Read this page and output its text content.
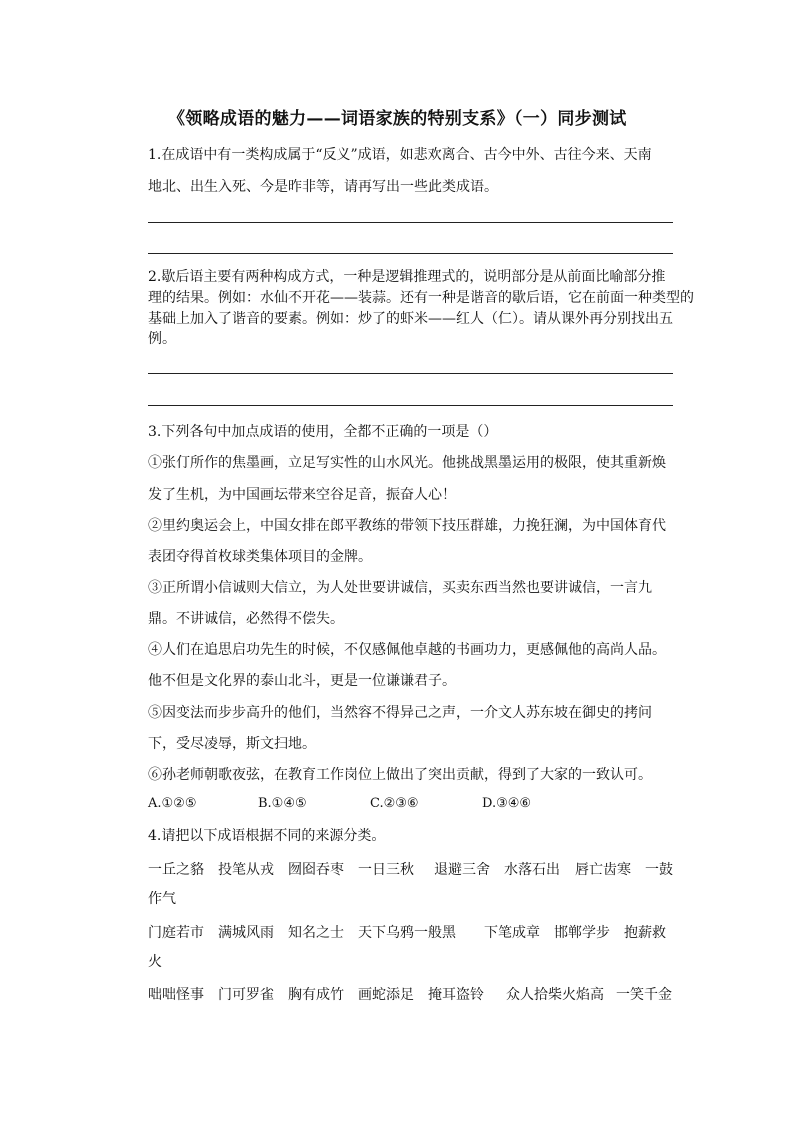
《领略成语的魅力——词语家族的特别支系》（一）同步测试
1.在成语中有一类构成属于“反义”成语，如悲欢离合、古今中外、古往今来、天南
地北、出生入死、今是昨非等，请再写出一些此类成语。
2.歇后语主要有两种构成方式，一种是逻辑推理式的，说明部分是从前面比喻部分推
理的结果。例如：水仙不开花——装蒜。还有一种是谐音的歇后语，它在前面一种类型的
基础上加入了谐音的要素。例如：炒了的虾米——红人（仁）。请从课外再分别找出五
例。
3.下列各句中加点成语的使用，全都不正确的一项是（）
①张仃所作的焦墨画，立足写实性的山水风光。他挑战黑墨运用的极限，使其重新焕
发了生机，为中国画坛带来空谷足音，振奋人心！
②里约奥运会上，中国女排在郎平教练的带领下技压群雄，力挽狂澜，为中国体育代
表团夺得首枚球类集体项目的金牌。
③正所谓小信诚则大信立，为人处世要讲诚信，买卖东西当然也要讲诚信，一言九
鼎。不讲诚信，必然得不偿失。
④人们在追思启功先生的时候，不仅感佩他卓越的书画功力，更感佩他的高尚人品。
他不但是文化界的泰山北斗，更是一位谦谦君子。
⑤因变法而步步高升的他们，当然容不得异己之声，一介文人苏东坡在御史的拷问
下，受尽凌辱，斯文扫地。
⑥孙老师朝歌夜弦，在教育工作岗位上做出了突出贡献，得到了大家的一致认可。
A.①②⑤	B.①④⑤	C.②③⑥	D.③④⑥
4.请把以下成语根据不同的来源分类。
一丘之貉 投笔从戎 囫囵吞枣 一日三秋 退避三舍 水落石出 唇亡齿寒 一鼓
作气
门庭若市 满城风雨 知名之士 天下乌鸦一般黑 下笔成章 邯郸学步 抱薪救
火
咄咄怪事 门可罗雀 胸有成竹 画蛇添足 掩耳盗铃 众人拾柴火焰高 一笑千金
